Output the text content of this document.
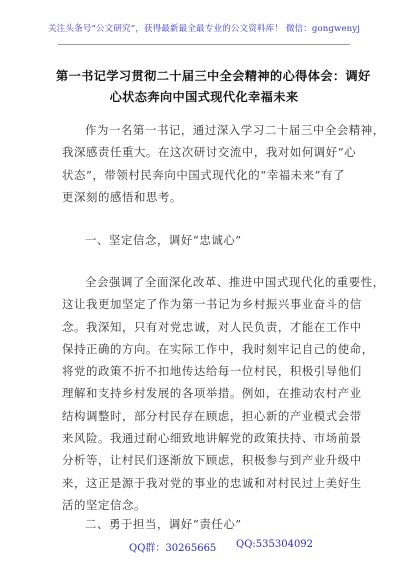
关注头条号“公文研究”，获得最新最全最专业的公文资料库！ 微信：gongwenyj
第一书记学习贯彻二十届三中全会精神的心得体会：调好
心状态奔向中国式现代化幸福未来
作为一名第一书记，通过深入学习二十届三中全会精神，
我深感责任重大。在这次研讨交流中，我对如何调好“心
状态”，带领村民奔向中国式现代化的“幸福未来”有了
更深刻的感悟和思考。
一、坚定信念，调好“忠诚心”
全会强调了全面深化改革、推进中国式现代化的重要性，
这让我更加坚定了作为第一书记为乡村振兴事业奋斗的信
念。我深知，只有对党忠诚，对人民负责，才能在工作中
保持正确的方向。在实际工作中，我时刻牢记自己的使命，
将党的政策不折不扣地传达给每一位村民，积极引导他们
理解和支持乡村发展的各项举措。例如，在推动农村产业
结构调整时，部分村民存在顾虑，担心新的产业模式会带
来风险。我通过耐心细致地讲解党的政策扶持、市场前景
分析等，让村民们逐渐放下顾虑，积极参与到产业升级中
来，这正是源于我对党的事业的忠诚和对村民过上美好生
活的坚定信念。
二、勇于担当，调好“责任心”
QQ群：30265665 QQ:535304092
